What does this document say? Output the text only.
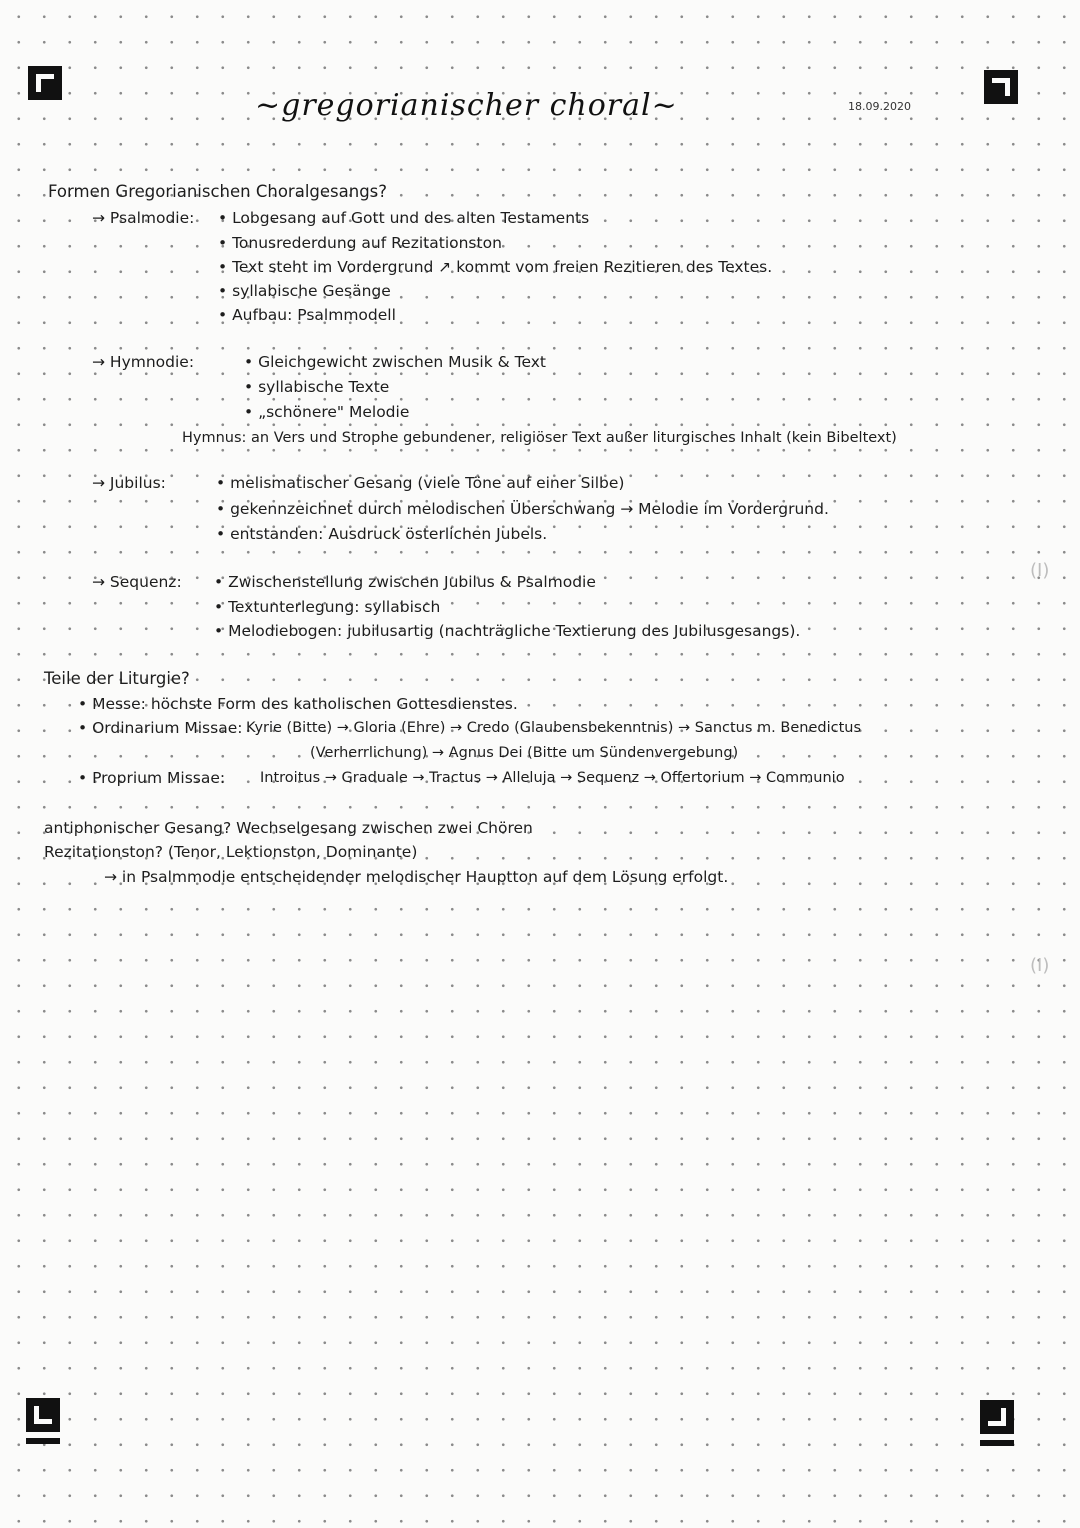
(I)
(I)
~gregorianischer choral~	18.09.2020
Formen Gregorianischen Choralgesangs?
→ Psalmodie: • Lobgesang auf Gott und des alten Testaments
• Tonusrederdung auf Rezitationston
• Text steht im Vordergrund ↗ kommt vom freien Rezitieren des Textes.
• syllabische Gesänge
• Aufbau: Psalmmodell
→ Hymnodie:	• Gleichgewicht zwischen Musik & Text
• syllabische Texte
• „schönere" Melodie
Hymnus: an Vers und Strophe gebundener, religiöser Text außer liturgisches Inhalt (kein Bibeltext)
→ Jubilus:	• melismatischer Gesang (viele Töne auf einer Silbe)
• gekennzeichnet durch melodischen Überschwang → Melodie im Vordergrund.
• entstanden: Ausdruck österlichen Jubels.
→ Sequenz: • Zwischenstellung zwischen Jubilus & Psalmodie
• Textunterlegung: syllabisch
• Melodiebogen: jubilusartig (nachträgliche Textierung des Jubilusgesangs).
Teile der Liturgie?
• Messe: höchste Form des katholischen Gottesdienstes.
• Ordinarium Missae: Kyrie (Bitte) → Gloria (Ehre) → Credo (Glaubensbekenntnis) → Sanctus m. Benedictus
(Verherrlichung) → Agnus Dei (Bitte um Sündenvergebung)
• Proprium Missae: Introitus → Graduale → Tractus → Alleluja → Sequenz → Offertorium → Communio
antiphonischer Gesang? Wechselgesang zwischen zwei Chören
Rezitationston? (Tenor, Lektionston, Dominante)
→ in Psalmmodie entscheidender melodischer Hauptton auf dem Lösung erfolgt.
